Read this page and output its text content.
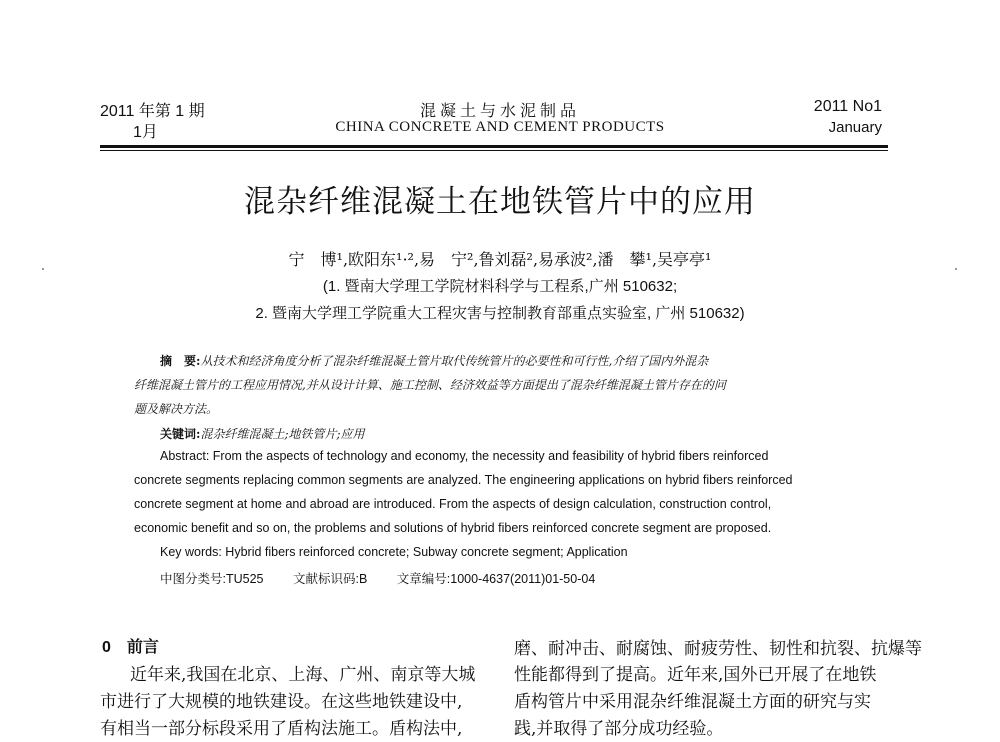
2011 年第 1 期
1月
混凝土与水泥制品
CHINA CONCRETE AND CEMENT PRODUCTS
2011 No1
January
混杂纤维混凝土在地铁管片中的应用
宁　博¹,欧阳东¹·²,易　宁²,鲁刘磊²,易承波²,潘　攀¹,吴亭亭¹
(1. 暨南大学理工学院材料科学与工程系,广州 510632;
2. 暨南大学理工学院重大工程灾害与控制教育部重点实验室, 广州 510632)
摘　要:从技术和经济角度分析了混杂纤维混凝土管片取代传统管片的必要性和可行性,介绍了国内外混杂
纤维混凝土管片的工程应用情况,并从设计计算、施工控制、经济效益等方面提出了混杂纤维混凝土管片存在的问
题及解决方法。
关键词:混杂纤维混凝土;地铁管片;应用
Abstract: From the aspects of technology and economy, the necessity and feasibility of hybrid fibers reinforced
concrete segments replacing common segments are analyzed. The engineering applications on hybrid fibers reinforced
concrete segment at home and abroad are introduced. From the aspects of design calculation, construction control,
economic benefit and so on, the problems and solutions of hybrid fibers reinforced concrete segment are proposed.
Key words: Hybrid fibers reinforced concrete; Subway concrete segment; Application
中图分类号:TU525 文献标识码:B 文章编号:1000-4637(2011)01-50-04
0　前言
近年来,我国在北京、上海、广州、南京等大城
市进行了大规模的地铁建设。在这些地铁建设中,
有相当一部分标段采用了盾构法施工。盾构法中,
磨、耐冲击、耐腐蚀、耐疲劳性、韧性和抗裂、抗爆等
性能都得到了提高。近年来,国外已开展了在地铁
盾构管片中采用混杂纤维混凝土方面的研究与实
践,并取得了部分成功经验。
